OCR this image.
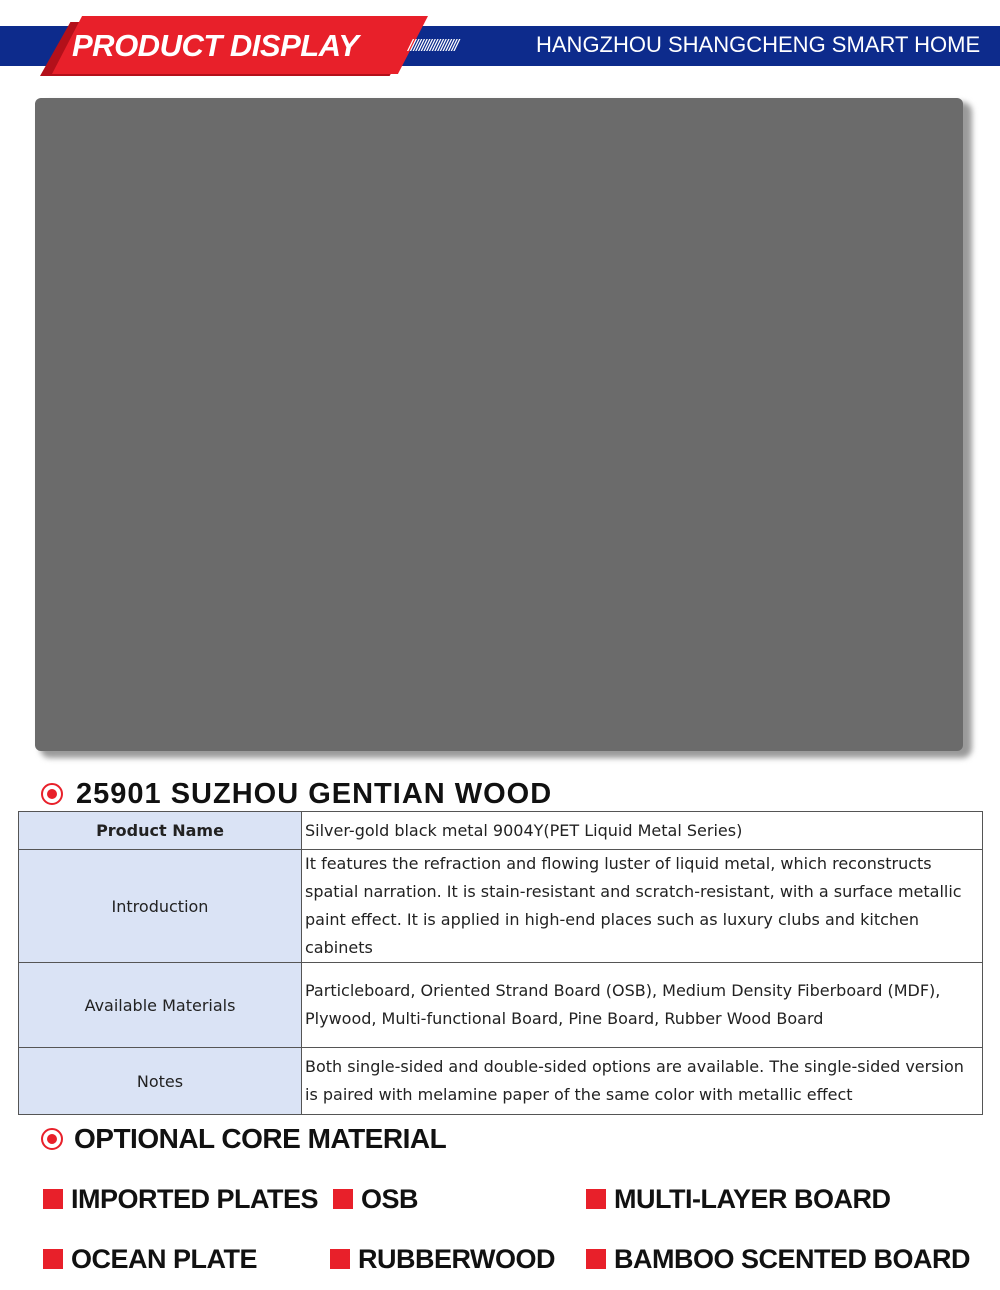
PRODUCT DISPLAY	//////////////////	HANGZHOU SHANGCHENG SMART HOME
25901 SUZHOU GENTIAN WOOD
Product Name	Silver-gold black metal 9004Y(PET Liquid Metal Series)
Introduction	It features the refraction and flowing luster of liquid metal, which reconstructs spatial narration. It is stain-resistant and scratch-resistant, with a surface metallic paint effect. It is applied in high-end places such as luxury clubs and kitchen cabinets
Available Materials	Particleboard, Oriented Strand Board (OSB), Medium Density Fiberboard (MDF), Plywood, Multi-functional Board, Pine Board, Rubber Wood Board
Notes	Both single-sided and double-sided options are available. The single-sided version is paired with melamine paper of the same color with metallic effect
OPTIONAL CORE MATERIAL
IMPORTED PLATES OSB	MULTI-LAYER BOARD
OCEAN PLATE	RUBBERWOOD BAMBOO SCENTED BOARD
